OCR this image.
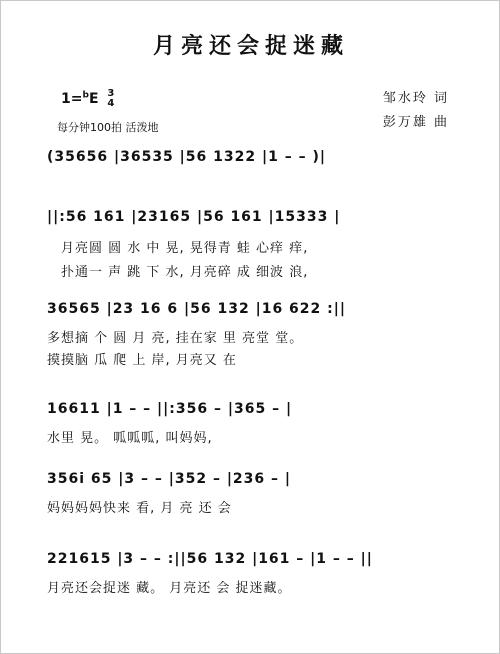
月亮还会捉迷藏
1=$^b$E 3
4
每分钟100拍 活泼地
邹水玲 词
彭万雄 曲
(35656 |36535 |56 1322 |1 – – )|
||:56 161 |23165 |56 161 |15333 |
月亮圆 圆 水 中 晃, 晃得青 蛙 心痒 痒,
扑通一 声 跳 下 水, 月亮碎 成 细波 浪,
36565 |23 16 6 |56 132 |16 622 :||
多想摘 个 圆 月 亮, 挂在家 里 亮堂 堂。
摸摸脑 瓜 爬 上 岸, 月亮又 在
16611 |1 – – ||:356 – |365 – |
水里 晃。 呱呱呱, 叫妈妈,
356i 65 |3 – – |352 – |236 – |
妈妈妈妈快来 看, 月 亮 还 会
221615 |3 – – :||56 132 |161 – |1 – – ||
月亮还会捉迷 藏。 月亮还 会 捉迷藏。
